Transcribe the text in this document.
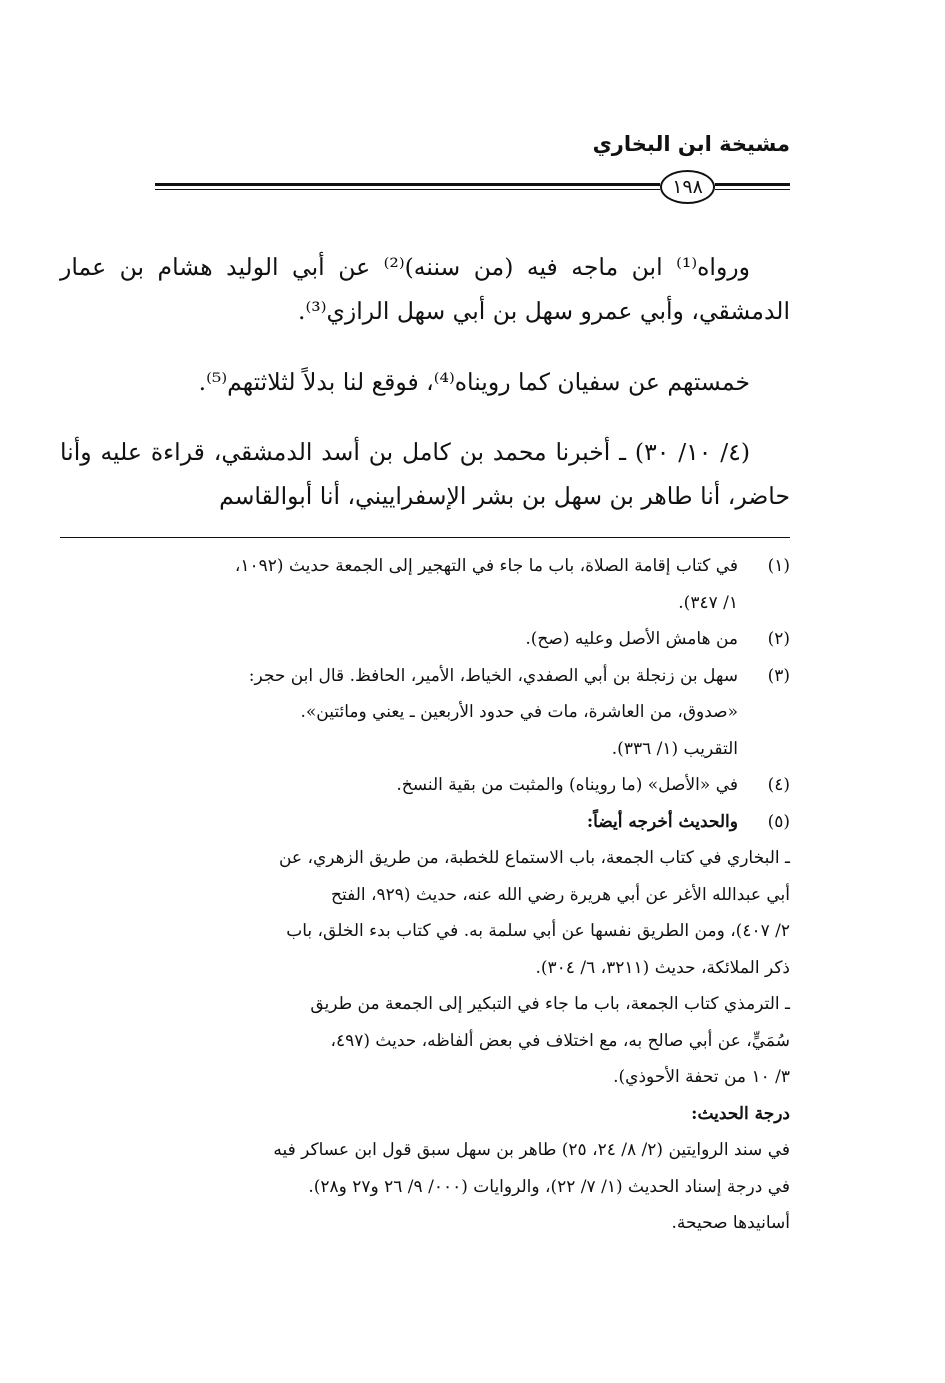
مشيخة ابن البخاري
١٩٨

ورواه⁽¹⁾ ابن ماجه فيه (من سننه)⁽²⁾ عن أبي الوليد هشام بن عمار الدمشقي، وأبي عمرو سهل بن أبي سهل الرازي⁽³⁾.

خمستهم عن سفيان كما رويناه⁽⁴⁾، فوقع لنا بدلاً لثلاثتهم⁽⁵⁾.

(٤/ ١٠/ ٣٠) ـ أخبرنا محمد بن كامل بن أسد الدمشقي، قراءة عليه وأنا حاضر، أنا طاهر بن سهل بن بشر الإسفراييني، أنا أبوالقاسم

(١)
في كتاب إقامة الصلاة، باب ما جاء في التهجير إلى الجمعة حديث (١٠٩٢،
١/ ٣٤٧).
(٢)
من هامش الأصل وعليه (صح).
(٣)
سهل بن زنجلة بن أبي الصفدي، الخياط، الأمير، الحافظ. قال ابن حجر:
«صدوق، من العاشرة، مات في حدود الأربعين ـ يعني ومائتين».
التقريب (١/ ٣٣٦).
(٤)
في «الأصل» (ما رويناه) والمثبت من بقية النسخ.
(٥)
والحديث أخرجه أيضاً:
ـ البخاري في كتاب الجمعة، باب الاستماع للخطبة، من طريق الزهري، عن
أبي عبدالله الأغر عن أبي هريرة رضي الله عنه، حديث (٩٢٩، الفتح
٢/ ٤٠٧)، ومن الطريق نفسها عن أبي سلمة به. في كتاب بدء الخلق، باب
ذكر الملائكة، حديث (٣٢١١، ٦/ ٣٠٤).
ـ الترمذي كتاب الجمعة، باب ما جاء في التبكير إلى الجمعة من طريق
سُمَيٍّ، عن أبي صالح به، مع اختلاف في بعض ألفاظه، حديث (٤٩٧،
٣/ ١٠ من تحفة الأحوذي).
درجة الحديث:
في سند الروايتين (٢/ ٨/ ٢٤، ٢٥) طاهر بن سهل سبق قول ابن عساكر فيه
في درجة إسناد الحديث (١/ ٧/ ٢٢)، والروايات (٠٠٠/ ٩/ ٢٦ و٢٧ و٢٨).
أسانيدها صحيحة.
